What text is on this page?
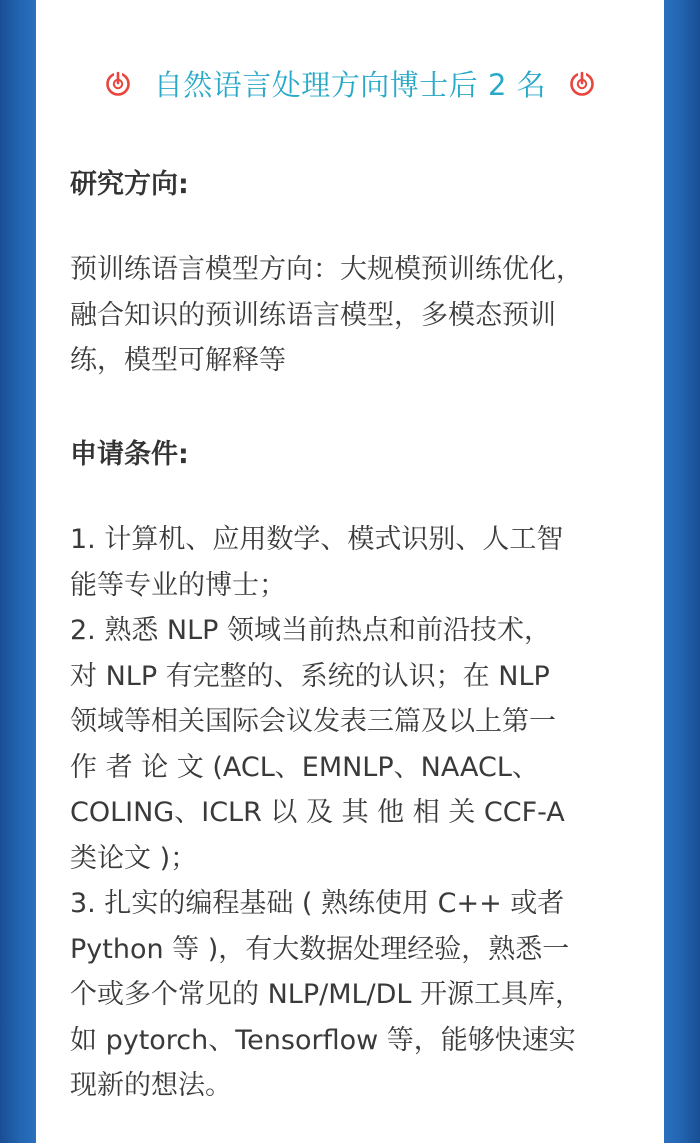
自然语言处理方向博士后 2 名
研究方向:
预训练语言模型方向：大规模预训练优化，
融合知识的预训练语言模型，多模态预训
练，模型可解释等
申请条件:
1. 计算机、应用数学、模式识别、人工智
能等专业的博士；
2. 熟悉 NLP 领域当前热点和前沿技术，
对 NLP 有完整的、系统的认识；在 NLP
领域等相关国际会议发表三篇及以上第一
作 者 论 文 (ACL、EMNLP、NAACL、
COLING、ICLR 以 及 其 他 相 关 CCF-A
类论文 )；
3. 扎实的编程基础 ( 熟练使用 C++ 或者
Python 等 )，有大数据处理经验，熟悉一
个或多个常见的 NLP/ML/DL 开源工具库，
如 pytorch、Tensorflow 等，能够快速实
现新的想法。
